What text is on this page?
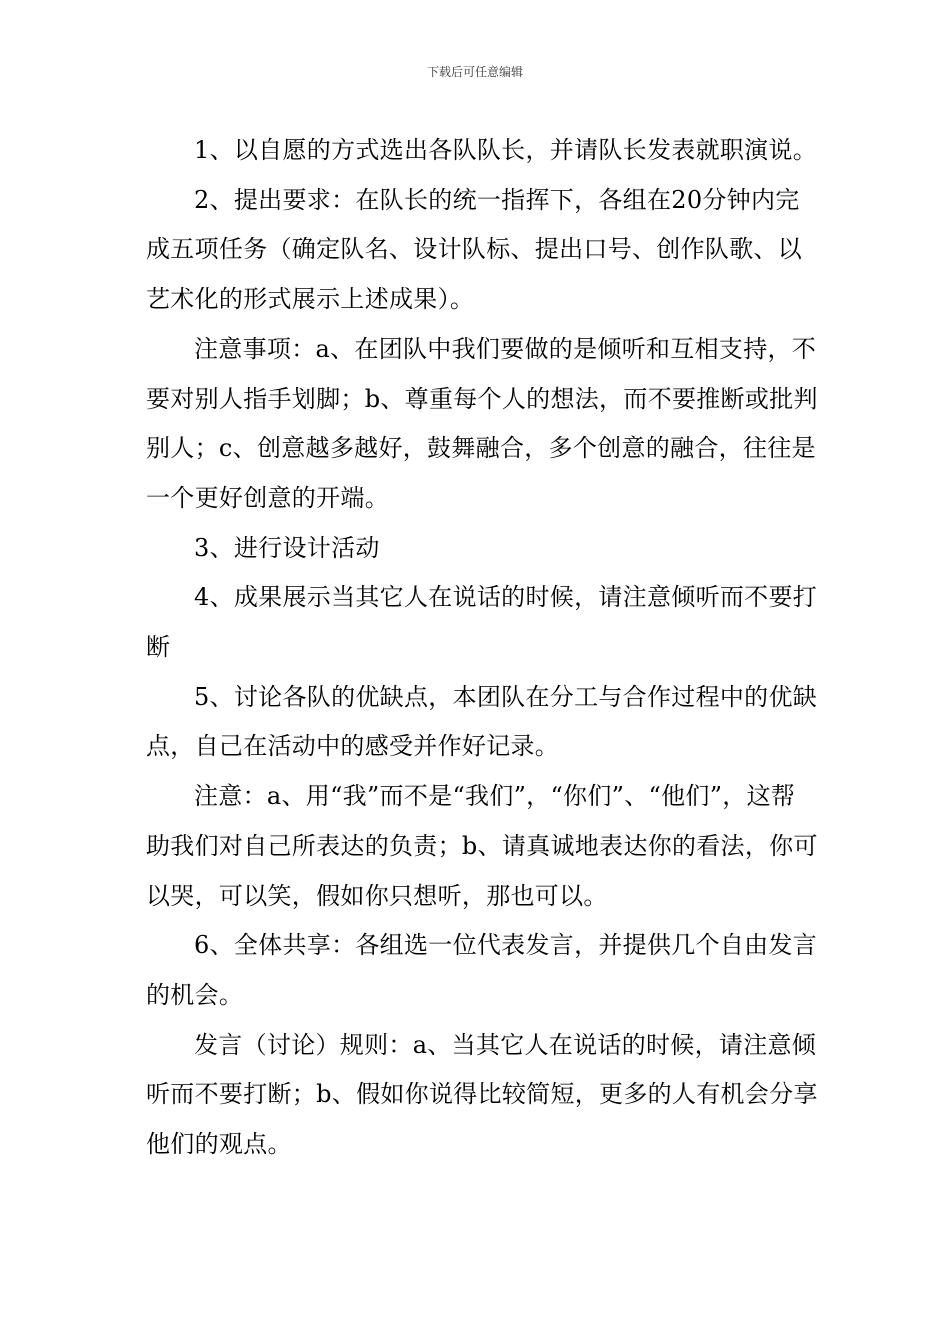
下载后可任意编辑

1、以自愿的方式选出各队队长，并请队长发表就职演说。

2、提出要求：在队长的统一指挥下，各组在20分钟内完成五项任务（确定队名、设计队标、提出口号、创作队歌、以艺术化的形式展示上述成果）。

注意事项：a、在团队中我们要做的是倾听和互相支持，不要对别人指手划脚；b、尊重每个人的想法，而不要推断或批判别人；c、创意越多越好，鼓舞融合，多个创意的融合，往往是一个更好创意的开端。

3、进行设计活动

4、成果展示当其它人在说话的时候，请注意倾听而不要打断

5、讨论各队的优缺点，本团队在分工与合作过程中的优缺点，自己在活动中的感受并作好记录。

注意：a、用“我”而不是“我们”，“你们”、“他们”，这帮助我们对自己所表达的负责；b、请真诚地表达你的看法，你可以哭，可以笑，假如你只想听，那也可以。

6、全体共享：各组选一位代表发言，并提供几个自由发言的机会。

发言（讨论）规则：a、当其它人在说话的时候，请注意倾听而不要打断；b、假如你说得比较简短，更多的人有机会分享他们的观点。
